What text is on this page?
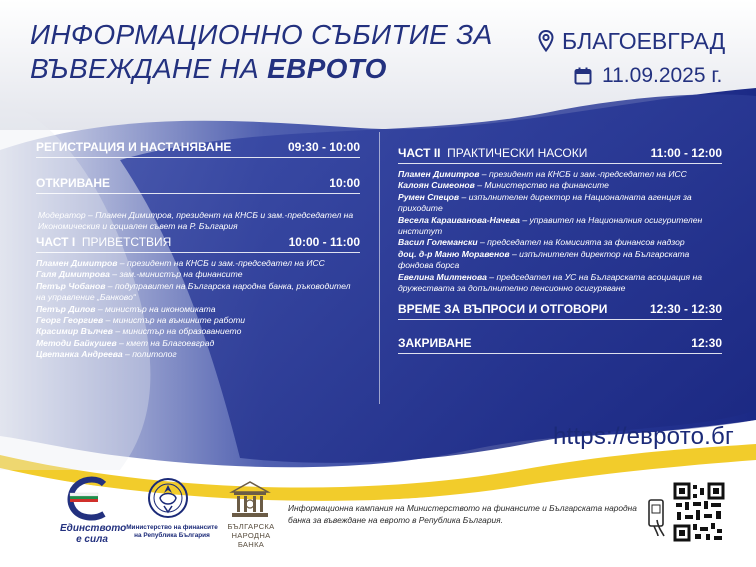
ИНФОРМАЦИОННО СЪБИТИЕ ЗА
ВЪВЕЖДАНЕ НА ЕВРОТО
БЛАГОЕВГРАД
11.09.2025 г.
РЕГИСТРАЦИЯ И НАСТАНЯВАНЕ	09:30 - 10:00
ОТКРИВАНЕ	10:00
Модератор – Пламен Димитров, президент на КНСБ и зам.-председател на Икономическия и социален съвет на Р. България
ЧАСТ I ПРИВЕТСТВИЯ	10:00 - 11:00
Пламен Димитров – президент на КНСБ и зам.-председател на ИСС
Галя Димитрова – зам.-министър на финансите
Петър Чобанов – подуправител на Българска народна банка, ръководител на управление „Банково“
Петър Дилов – министър на икономиката
Георг Георгиев – министър на външните работи
Красимир Вълчев – министър на образованието
Методи Байкушев – кмет на Благоевград
Цветанка Андреева – политолог
ЧАСТ II ПРАКТИЧЕСКИ НАСОКИ	11:00 - 12:00
Пламен Димитров – президент на КНСБ и зам.-председател на ИСС
Калоян Симеонов – Министерство на финансите
Румен Спецов – изпълнителен директор на Националната агенция за приходите
Весела Караиванова-Начева – управител на Националния осигурителен институт
Васил Големански – председател на Комисията за финансов надзор
доц. д-р Маню Моравенов – изпълнителен директор на Българската фондова борса
Евелина Милтенова – председател на УС на Българската асоциация на дружествата за допълнително пенсионно осигуряване
ВРЕМЕ ЗА ВЪПРОСИ И ОТГОВОРИ	12:30 - 12:30
ЗАКРИВАНЕ	12:30
https://еврото.бг
Единството е сила
Министерство на финансите на Република България
БЪЛГАРСКА НАРОДНА БАНКА
Информационна кампания на Министерството на финансите и Българската народна банка за въвеждане на еврото в Република България.
